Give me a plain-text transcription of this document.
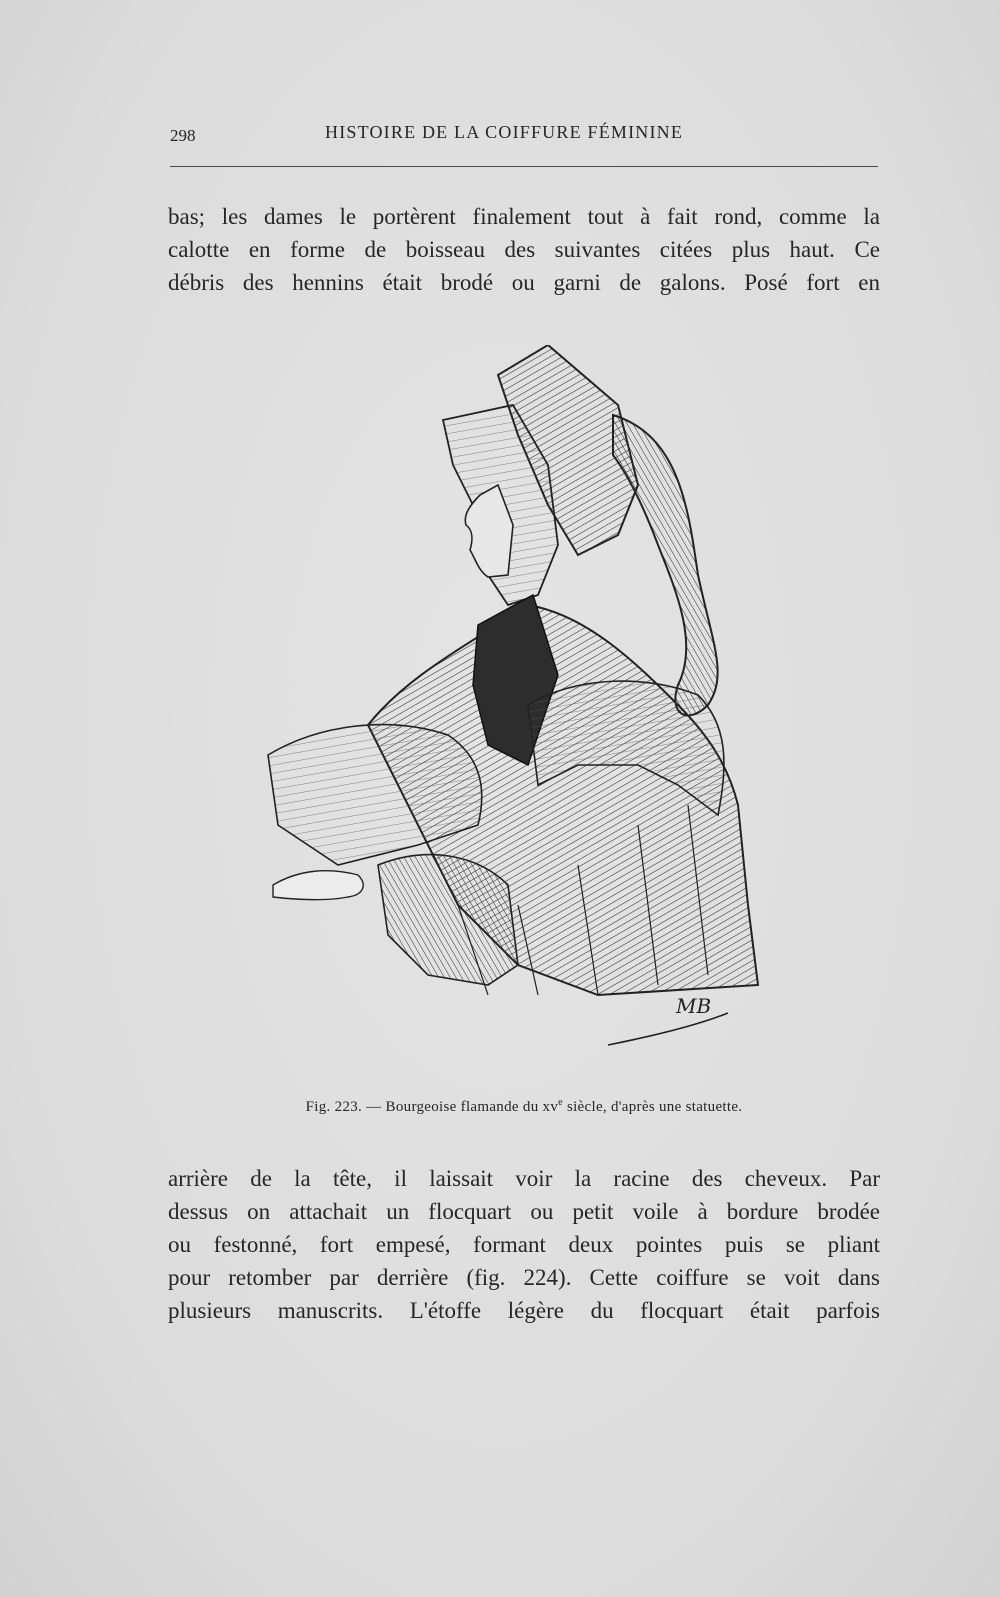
298	HISTOIRE DE LA COIFFURE FÉMININE
bas; les dames le portèrent finalement tout à fait rond, comme la
calotte en forme de boisseau des suivantes citées plus haut. Ce
débris des hennins était brodé ou garni de galons. Posé fort en
MB
Fig. 223. — Bourgeoise flamande du $xv^e$ siècle, d'après une statuette.
arrière de la tête, il laissait voir la racine des cheveux. Par
dessus on attachait un flocquart ou petit voile à bordure brodée
ou festonné, fort empesé, formant deux pointes puis se pliant
pour retomber par derrière (fig. 224). Cette coiffure se voit dans
plusieurs manuscrits. L'étoffe légère du flocquart était parfois
